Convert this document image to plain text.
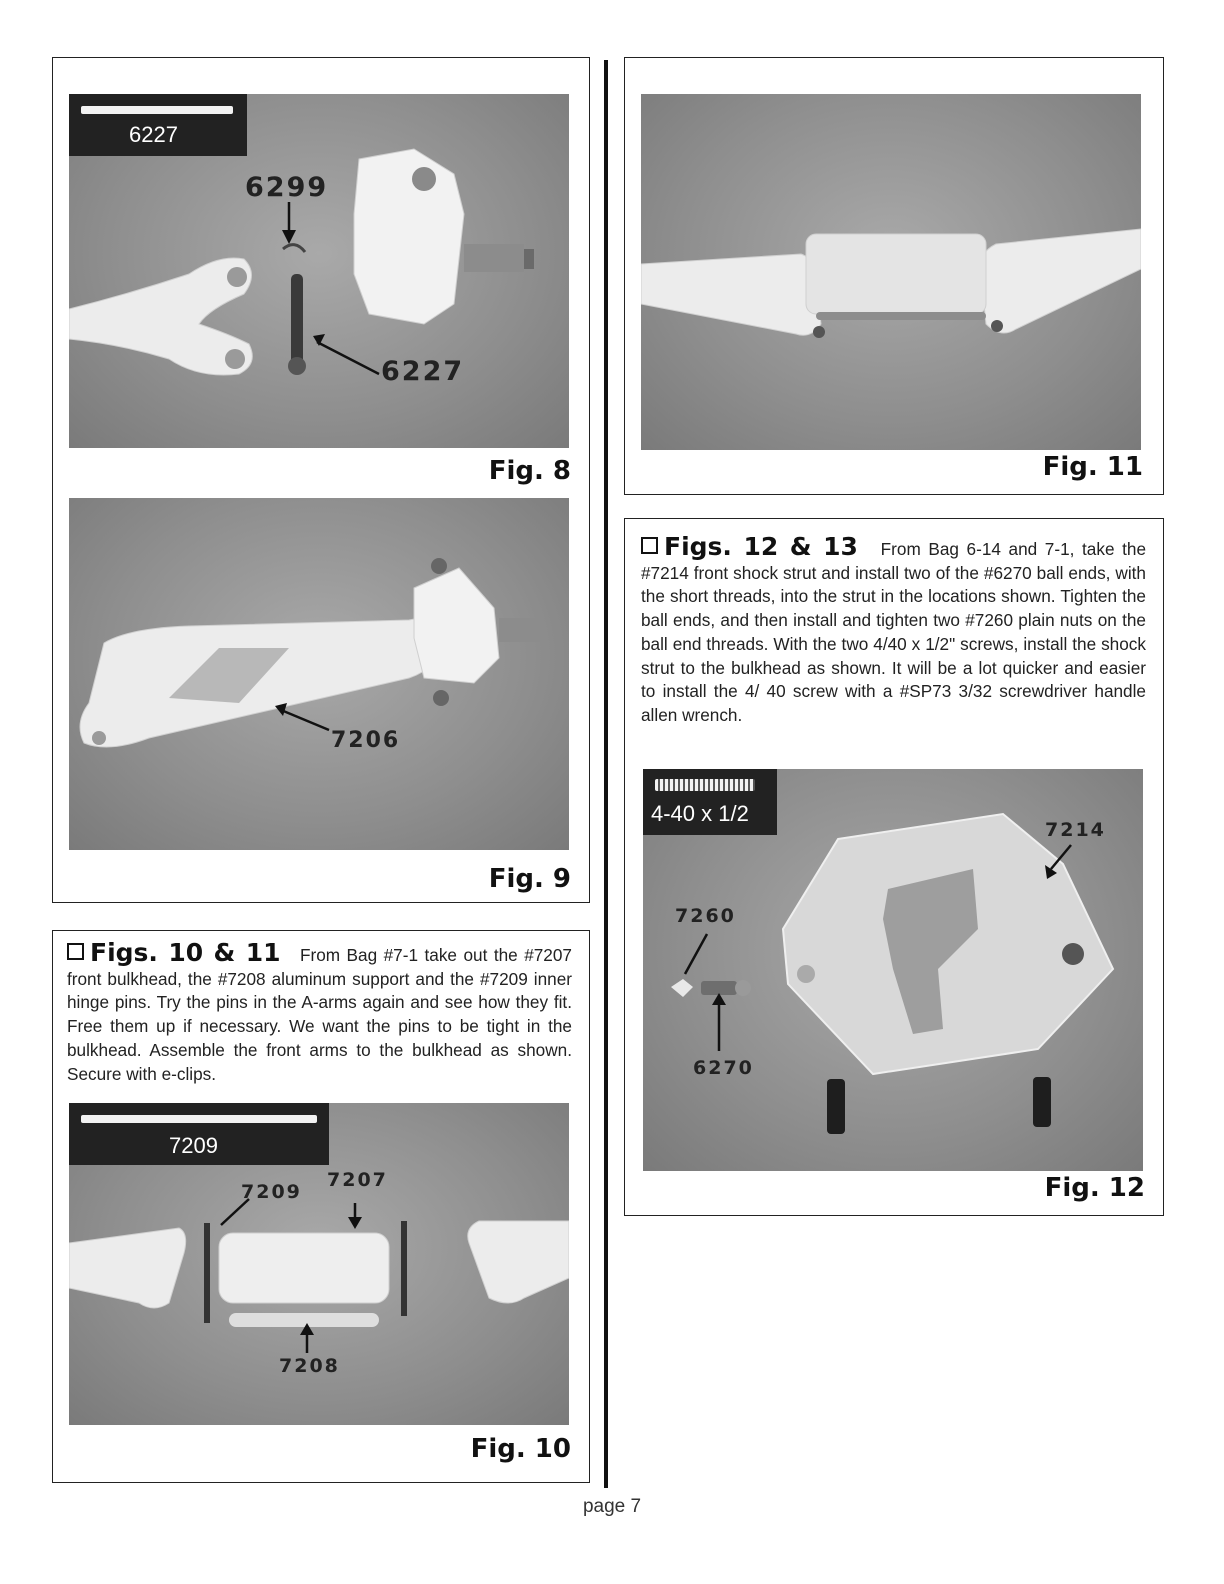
6227
6299
6227
Fig. 8
7206
Fig. 9
Figs. 10 & 11 From Bag #7-1 take out the #7207 front bulkhead, the #7208 aluminum support and the #7209 inner hinge pins. Try the pins in the A-arms again and see how they fit. Free them up if necessary. We want the pins to be tight in the bulkhead. Assemble the front arms to the bulkhead as shown. Secure with e-clips.
7209
7209
7207
7208
Fig. 10
Fig. 11
Figs. 12 & 13 From Bag 6-14 and 7-1, take the #7214 front shock strut and install two of the #6270 ball ends, with the short threads, into the strut in the locations shown. Tighten the ball ends, and then install and tighten two #7260 plain nuts on the ball end threads. With the two 4/40 x 1/2" screws, install the shock strut to the bulkhead as shown. It will be a lot quicker and easier to install the 4/ 40 screw with a #SP73 3/32 screwdriver handle allen wrench.
4-40 x 1/2
7214
7260
6270
Fig. 12
page 7
